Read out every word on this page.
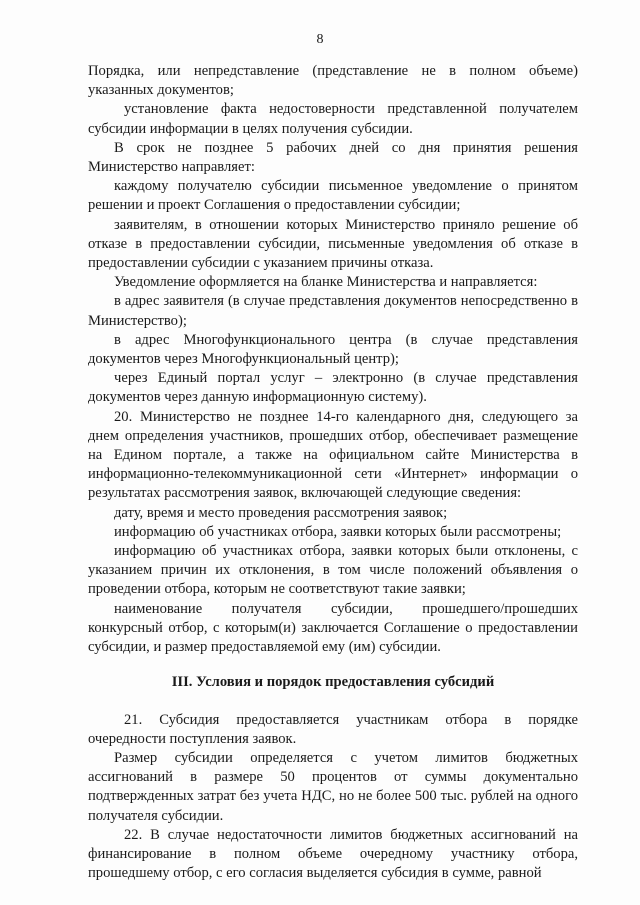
8

Порядка, или непредставление (представление не в полном объеме) указанных документов;

установление факта недостоверности представленной получателем субсидии информации в целях получения субсидии.

В срок не позднее 5 рабочих дней со дня принятия решения Министерство направляет:

каждому получателю субсидии письменное уведомление о принятом решении и проект Соглашения о предоставлении субсидии;

заявителям, в отношении которых Министерство приняло решение об отказе в предоставлении субсидии, письменные уведомления об отказе в предоставлении субсидии с указанием причины отказа.

Уведомление оформляется на бланке Министерства и направляется:

в адрес заявителя (в случае представления документов непосредственно в Министерство);

в адрес Многофункционального центра (в случае представления документов через Многофункциональный центр);

через Единый портал услуг – электронно (в случае представления документов через данную информационную систему).

20. Министерство не позднее 14-го календарного дня, следующего за днем определения участников, прошедших отбор, обеспечивает размещение на Едином портале, а также на официальном сайте Министерства в информационно-телекоммуникационной сети «Интернет» информации о результатах рассмотрения заявок, включающей следующие сведения:

дату, время и место проведения рассмотрения заявок;

информацию об участниках отбора, заявки которых были рассмотрены;

информацию об участниках отбора, заявки которых были отклонены, с указанием причин их отклонения, в том числе положений объявления о проведении отбора, которым не соответствуют такие заявки;

наименование получателя субсидии, прошедшего/прошедших конкурсный отбор, с которым(и) заключается Соглашение о предоставлении субсидии, и размер предоставляемой ему (им) субсидии.

III. Условия и порядок предоставления субсидий

21. Субсидия предоставляется участникам отбора в порядке очередности поступления заявок.

Размер субсидии определяется с учетом лимитов бюджетных ассигнований в размере 50 процентов от суммы документально подтвержденных затрат без учета НДС, но не более 500 тыс. рублей на одного получателя субсидии.

22. В случае недостаточности лимитов бюджетных ассигнований на финансирование в полном объеме очередному участнику отбора, прошедшему отбор, с его согласия выделяется субсидия в сумме, равной
